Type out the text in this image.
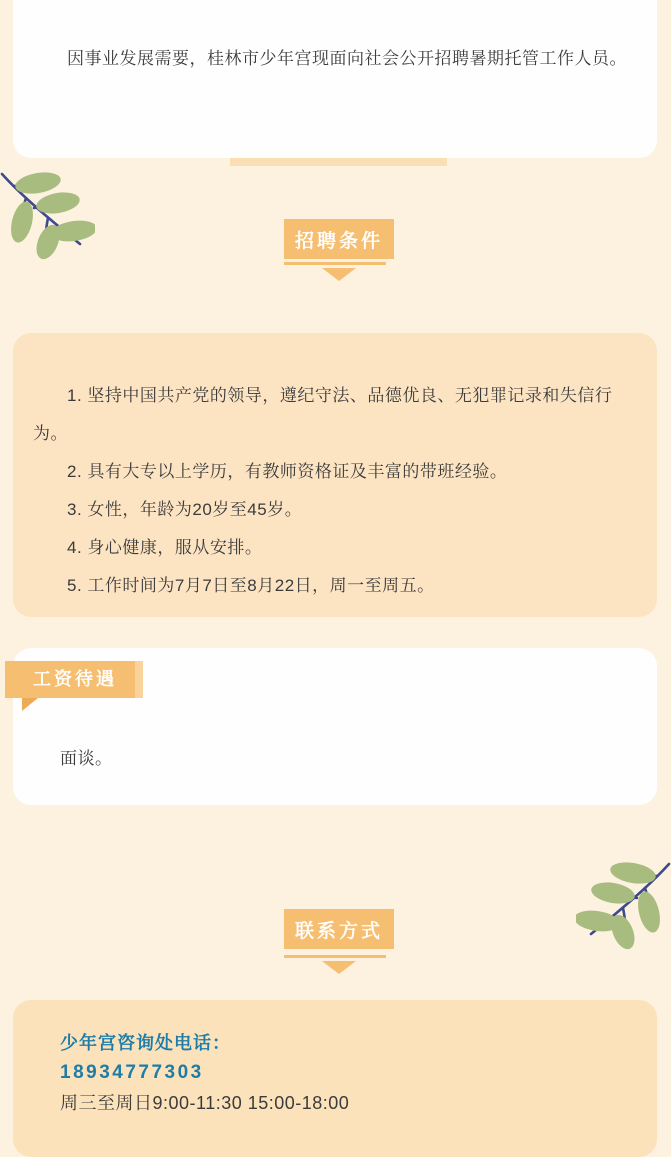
因事业发展需要，桂林市少年宫现面向社会公开招聘暑期托管工作人员。

招聘条件

1. 坚持中国共产党的领导，遵纪守法、品德优良、无犯罪记录和失信行为。

2. 具有大专以上学历，有教师资格证及丰富的带班经验。

3. 女性，年龄为20岁至45岁。

4. 身心健康，服从安排。

5. 工作时间为7月7日至8月22日，周一至周五。

工资待遇

面谈。

联系方式

少年宫咨询处电话：

18934777303

周三至周日9:00-11:30 15:00-18:00
